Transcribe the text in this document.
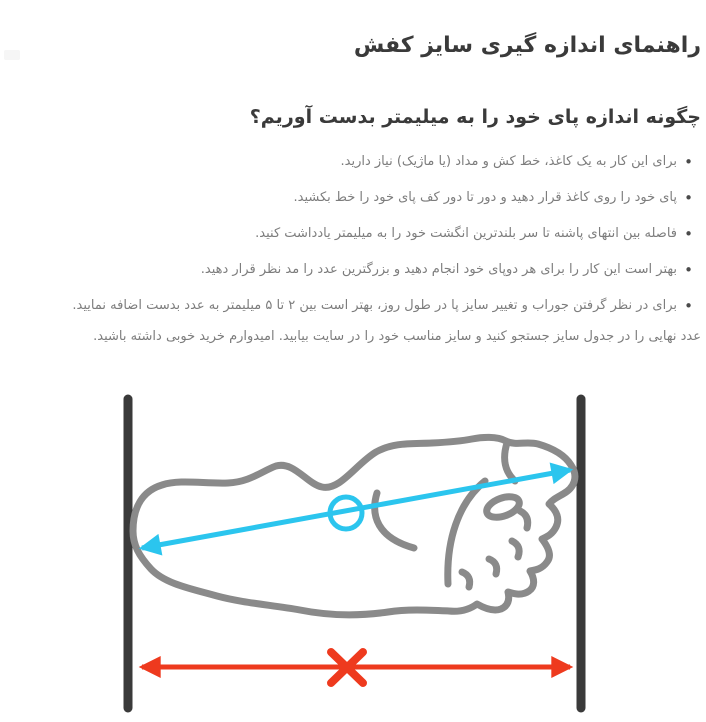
راهنمای اندازه گیری سایز کفش
چگونه اندازه پای خود را به میلیمتر بدست آوریم؟
• برای این کار به یک کاغذ، خط کش و مداد (یا ماژیک) نیاز دارید.
• پای خود را روی کاغذ قرار دهید و دور تا دور کف پای خود را خط بکشید.
• فاصله بین انتهای پاشنه تا سر بلندترین انگشت خود را به میلیمتر یادداشت کنید.
• بهتر است این کار را برای هر دوپای خود انجام دهید و بزرگترین عدد را مد نظر قرار دهید.
• برای در نظر گرفتن جوراب و تغییر سایز پا در طول روز، بهتر است بین ۲ تا ۵ میلیمتر به عدد بدست اضافه نمایید.

عدد نهایی را در جدول سایز جستجو کنید و سایز مناسب خود را در سایت بیابید. امیدوارم خرید خوبی داشته باشید.
